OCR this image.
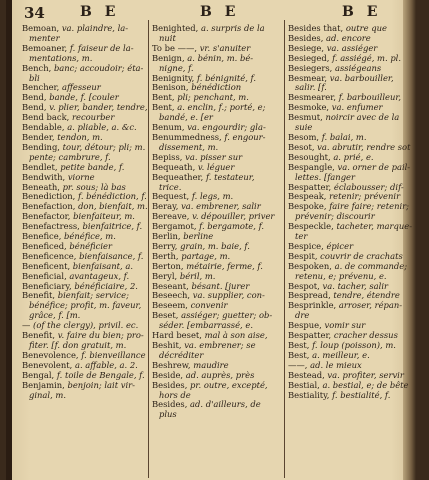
34	B E	B E	B E
Bemoan, va. plaindre, la-menter
Bemoaner, f. faiseur de la-mentations, m.
Bench, banc; accoudoir; éta-bli
Bencher, affesseur
Bend, bande, f. [couler
Bend, v. plier, bander, tendre,
Bend back, recourber
Bendable, a. pliable, a. &c.
Bender, tendon, m.
Bending, tour, détour; pli; m. pente; cambrure, f.
Bendlet, petite bande, f.
Bendwith, viorne
Beneath, pr. sous; là bas
Benediction, f. bénédiction, f.
Benefaction, don, bienfait, m.
Benefactor, bienfaiteur, m.
Benefactress, bienfaitrice, f.
Benefice, bénéfice, m.
Beneficed, bénéficier
Beneficence, bienfaisance, f.
Beneficent, bienfaisant, a.
Beneficial, avantageux, f.
Beneficiary, bénéficiaire, 2.
Benefit, bienfait; service; bénéfice; profit, m. faveur, grâce, f. [m.
— (of the clergy), privil. ec.
Benefit, v. faire du bien; pro-fiter. [f. don gratuit, m.
Benevolence, f. bienveillance
Benevolent, a. affable, a. 2.
Bengal, f. toile de Bengale, f.
Benjamin, benjoin; lait vir-ginal, m.
Benighted, a. surpris de la nuit
To be ——, vr. s'anuiter
Benign, a. bénin, m. bé-nigne, f.
Benignity, f. bénignité, f.
Benison, bénédiction
Bent, pli; penchant, m.
Bent, a. enclin, f.; porté, e; bandé, e. [er
Benum, va. engourdir; gla-
Benummedness, f. engour-dissement, m.
Bepiss, va. pisser sur
Bequeath, v. léguer
Bequeather, f. testateur, trice.
Bequest, f. legs, m.
Beray, va. embrener, salir
Bereave, v. dépouiller, priver
Bergamot, f. bergamote, f.
Berlin, berline
Berry, grain, m. baie, f.
Berth, partage, m.
Berton, métairie, ferme, f.
Beryl, béril, m.
Beseant, bésant. [jurer
Beseech, va. supplier, con-
Beseem, convenir
Beset, assiéger; guetter; ob-séder. [embarrassé, e.
Hard beset, mal à son aise,
Beshit, va. embrener; se décréditer
Beshrew, maudire
Beside, ad. auprès, près
Besides, pr. outre, excepté, hors de
Besides, ad. d'ailleurs, de plus
Besides that, outre que
Besides, ad. encore
Besiege, va. assiéger
Besieged, f. assiégé, m. pl.
Besiegers, assiégeans
Besmear, va. barbouiller, salir. [f.
Besmearer, f. barbouilleur,
Besmoke, va. enfumer
Besmut, noircir avec de la suie
Besom, f. balai, m.
Besot, va. abrutir, rendre sot
Besought, a. prié, e.
Bespangle, va. orner de pail-lettes. [fanger
Bespatter, éclabousser; dif-
Bespeak, retenir; prévenir
Bespoke, faire faire; retenir; prévenir; discourir
Bespeckle, tacheter, marque-ter
Bespice, épicer
Bespit, couvrir de crachats
Bespoken, a. de commande; retenu, e; prévenu, e.
Bespot, va. tacher, salir
Bespread, tendre, étendre
Besprinkle, arroser, répan-dre
Bespue, vomir sur
Bespatter, cracher dessus
Best, f. loup (poisson), m.
Best, a. meilleur, e.
——, ad. le mieux
Bestead, va. profiter, servir
Bestial, a. bestial, e; de bête
Bestiality, f. bestialité, f.
